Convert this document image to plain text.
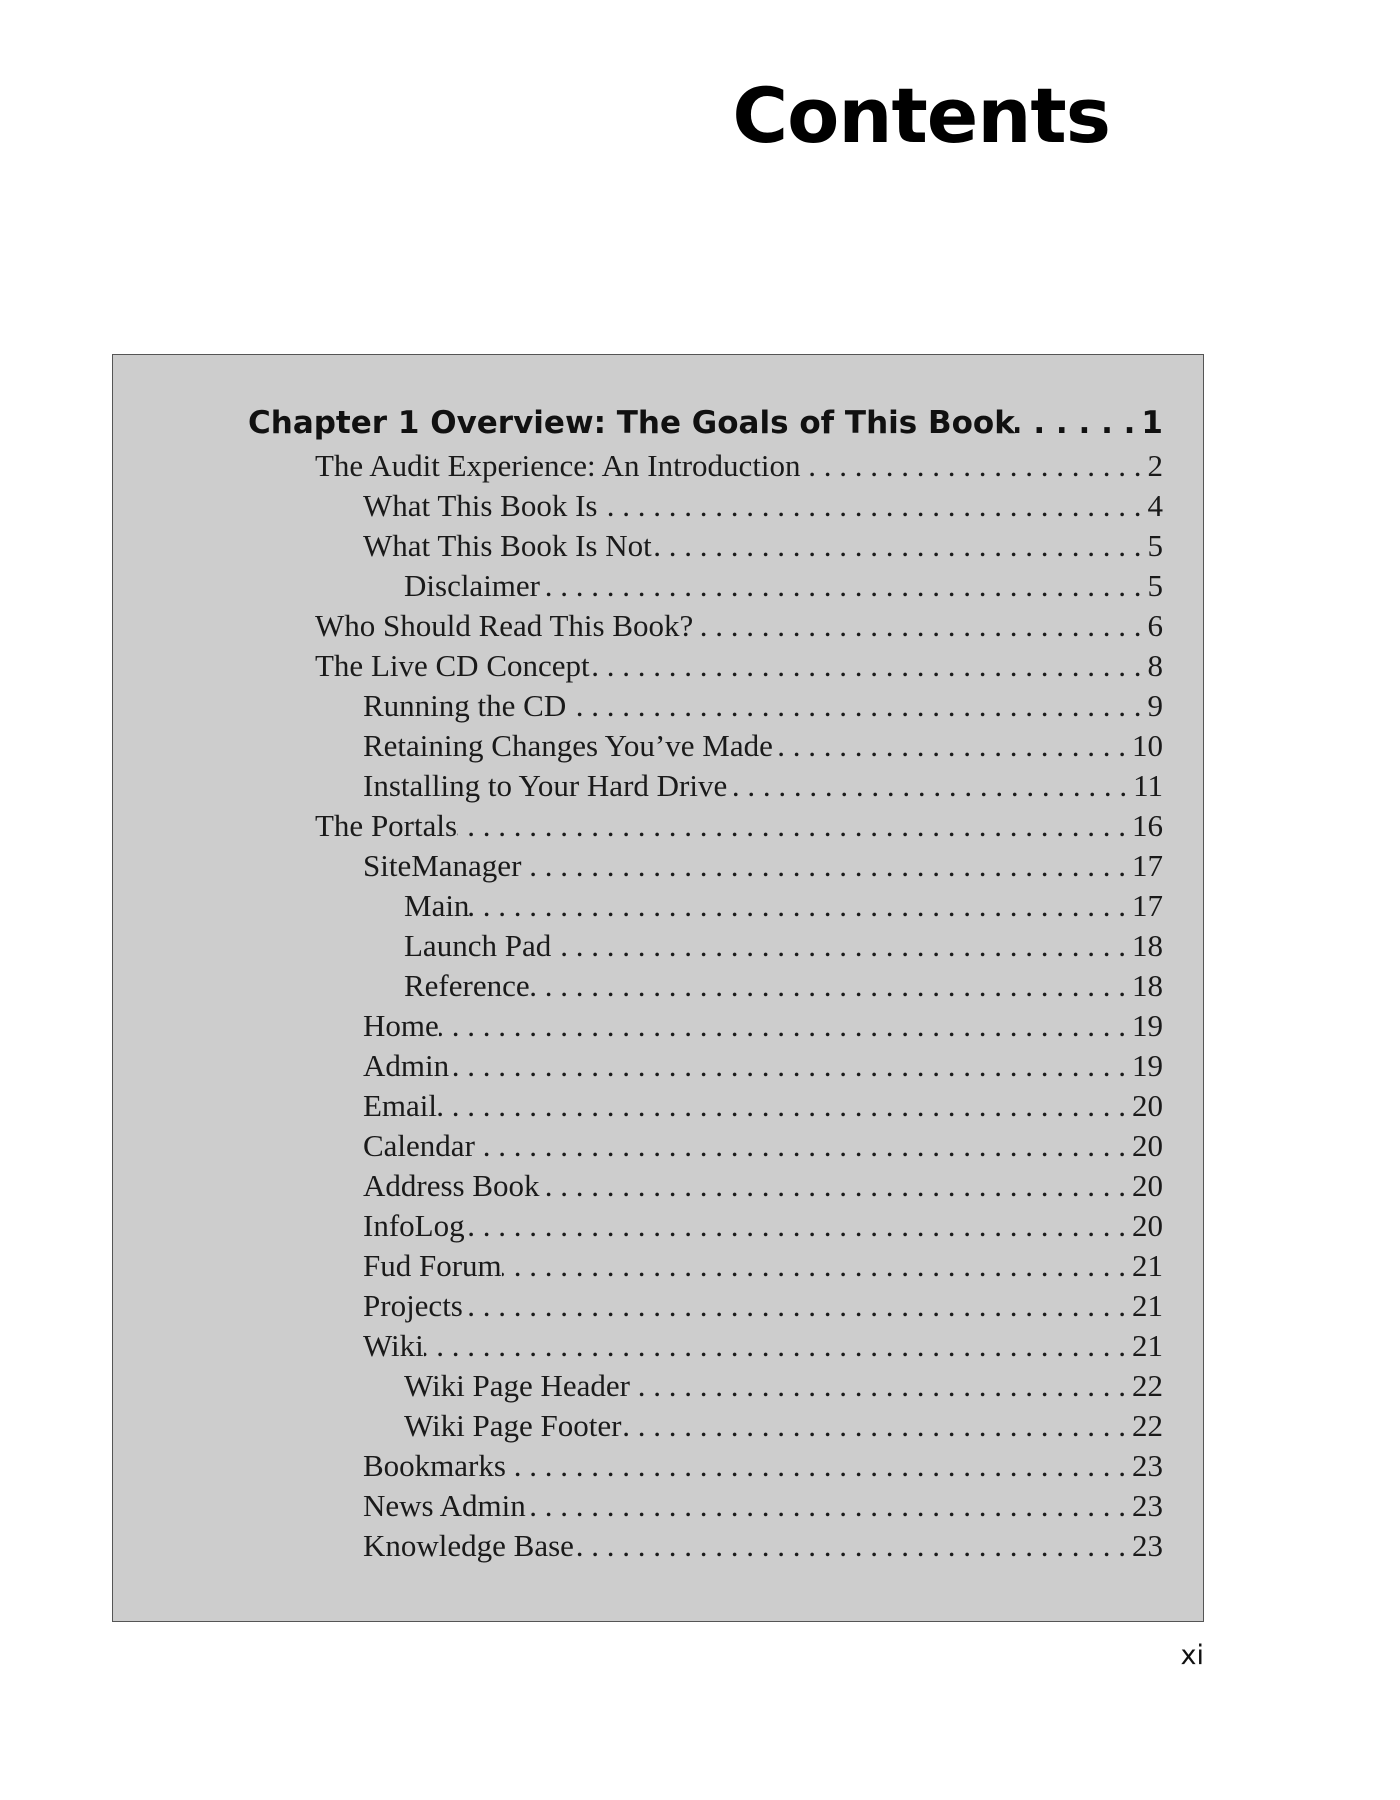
Contents
Chapter 1 Overview: The Goals of This Book . . .	1
The Audit Experience: An Introduction . . .	2
What This Book Is . . .	4
What This Book Is Not . . .	5
Disclaimer . . .	5
Who Should Read This Book? . . .	6
The Live CD Concept . . .	8
Running the CD . . .	9
Retaining Changes You’ve Made . . .	10
Installing to Your Hard Drive . . .	11
The Portals . . .	16
SiteManager . . .	17
Main . . .	17
Launch Pad . . .	18
Reference . . .	18
Home . . .	19
Admin . . .	19
Email . . .	20
Calendar . . .	20
Address Book . . .	20
InfoLog . . .	20
Fud Forum . . .	21
Projects . . .	21
Wiki . . .	21
Wiki Page Header . . .	22
Wiki Page Footer . . .	22
Bookmarks . . .	23
News Admin . . .	23
Knowledge Base . . .	23

xi
